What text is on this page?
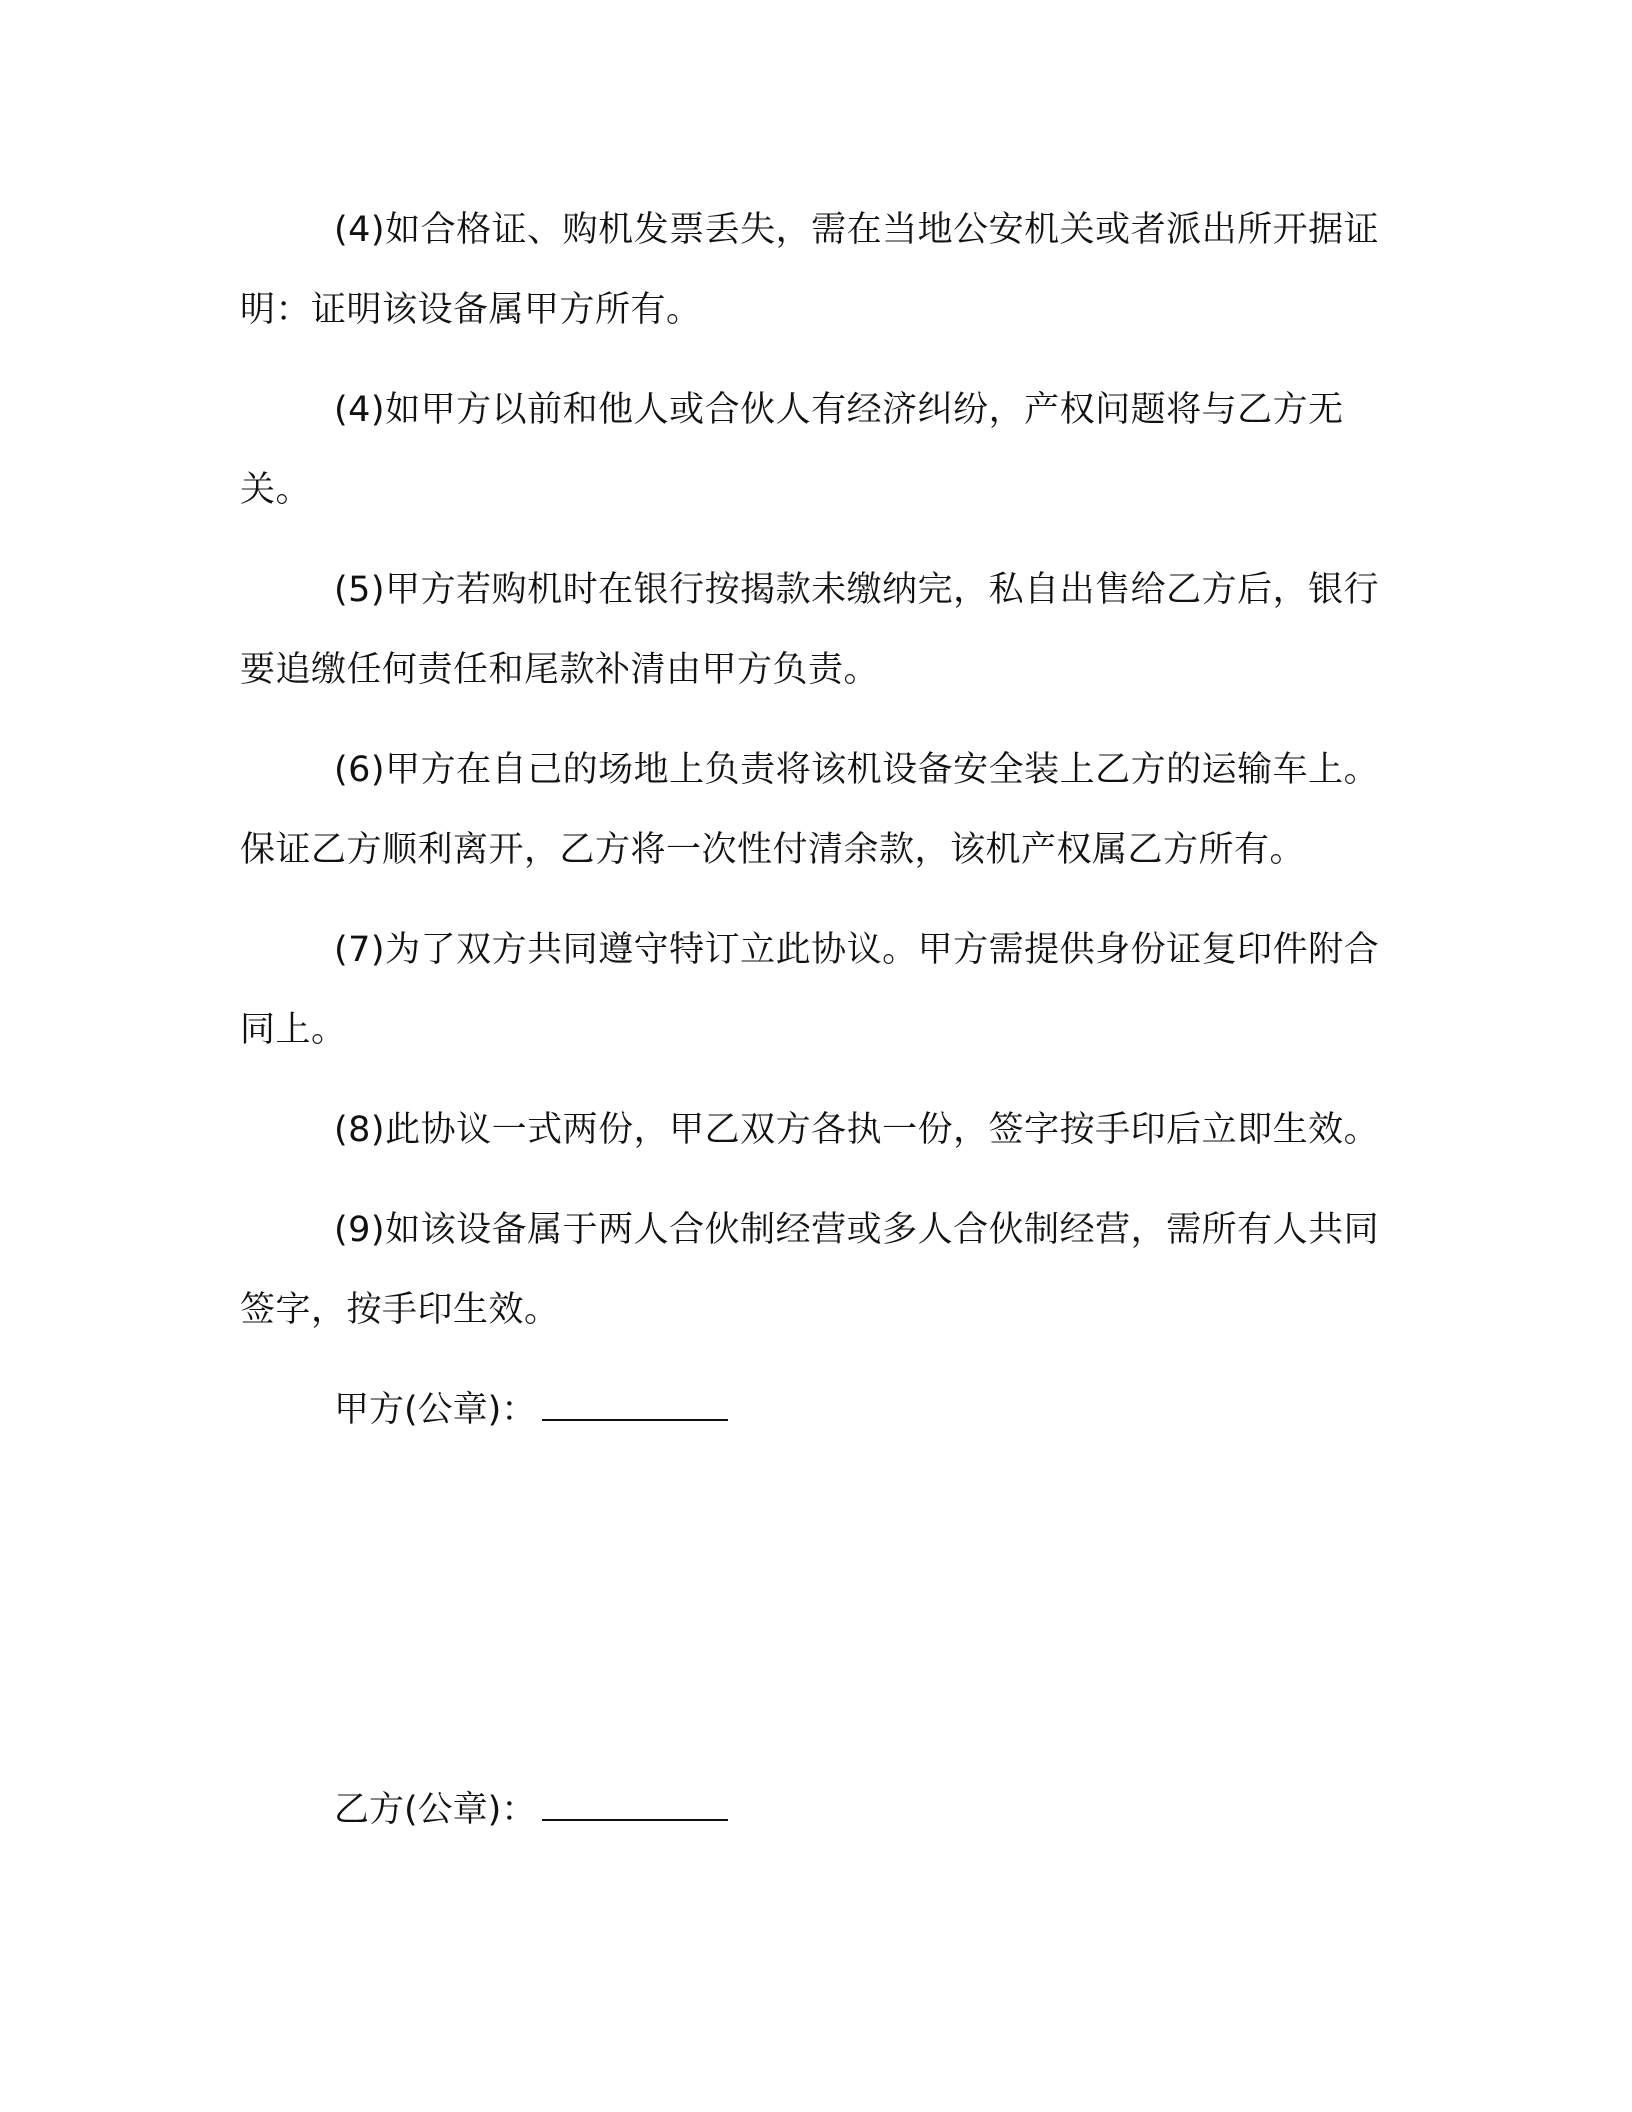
(4)如合格证、购机发票丢失，需在当地公安机关或者派出所开据证明：证明该设备属甲方所有。

(4)如甲方以前和他人或合伙人有经济纠纷，产权问题将与乙方无关。

(5)甲方若购机时在银行按揭款未缴纳完，私自出售给乙方后，银行要追缴任何责任和尾款补清由甲方负责。

(6)甲方在自己的场地上负责将该机设备安全装上乙方的运输车上。保证乙方顺利离开，乙方将一次性付清余款，该机产权属乙方所有。

(7)为了双方共同遵守特订立此协议。甲方需提供身份证复印件附合同上。

(8)此协议一式两份，甲乙双方各执一份，签字按手印后立即生效。

(9)如该设备属于两人合伙制经营或多人合伙制经营，需所有人共同签字，按手印生效。

甲方(公章)：
乙方(公章)：
